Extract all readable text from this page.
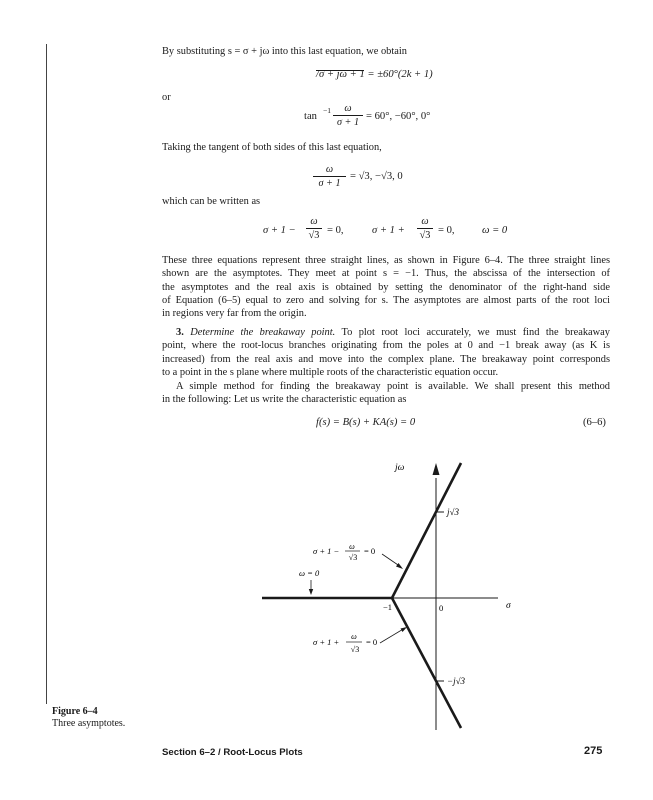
By substituting s = σ + jω into this last equation, we obtain
/σ + jω + 1 = ±60°(2k + 1)
or
tan
−1	ω
σ + 1
= 60°, −60°, 0°
Taking the tangent of both sides of this last equation,
ω
σ + 1
= √3, −√3, 0
which can be written as
σ + 1 −
ω
√3 = 0,	σ + 1 +
ω
√3 = 0,	ω = 0
These three equations represent three straight lines, as shown in Figure 6–4. The three straight lines
shown are the asymptotes. They meet at point s = −1. Thus, the abscissa of the intersection of
the asymptotes and the real axis is obtained by setting the denominator of the right-hand side
of Equation (6–5) equal to zero and solving for s. The asymptotes are almost parts of the root loci
in regions very far from the origin.
3. Determine the breakaway point. To plot root loci accurately, we must find the breakaway
point, where the root-locus branches originating from the poles at 0 and −1 break away (as K is
increased) from the real axis and move into the complex plane. The breakaway point corresponds
to a point in the s plane where multiple roots of the characteristic equation occur.
A simple method for finding the breakaway point is available. We shall present this method
in the following: Let us write the characteristic equation as
f(s) = B(s) + KA(s) = 0	(6–6)
jω
σ
j√3
−j√3
−1	0
σ + 1 − ω
√3
= 0
ω = 0
σ + 1 +
ω
√3
= 0
Figure 6–4
Three asymptotes.
Section 6–2 / Root-Locus Plots	275
